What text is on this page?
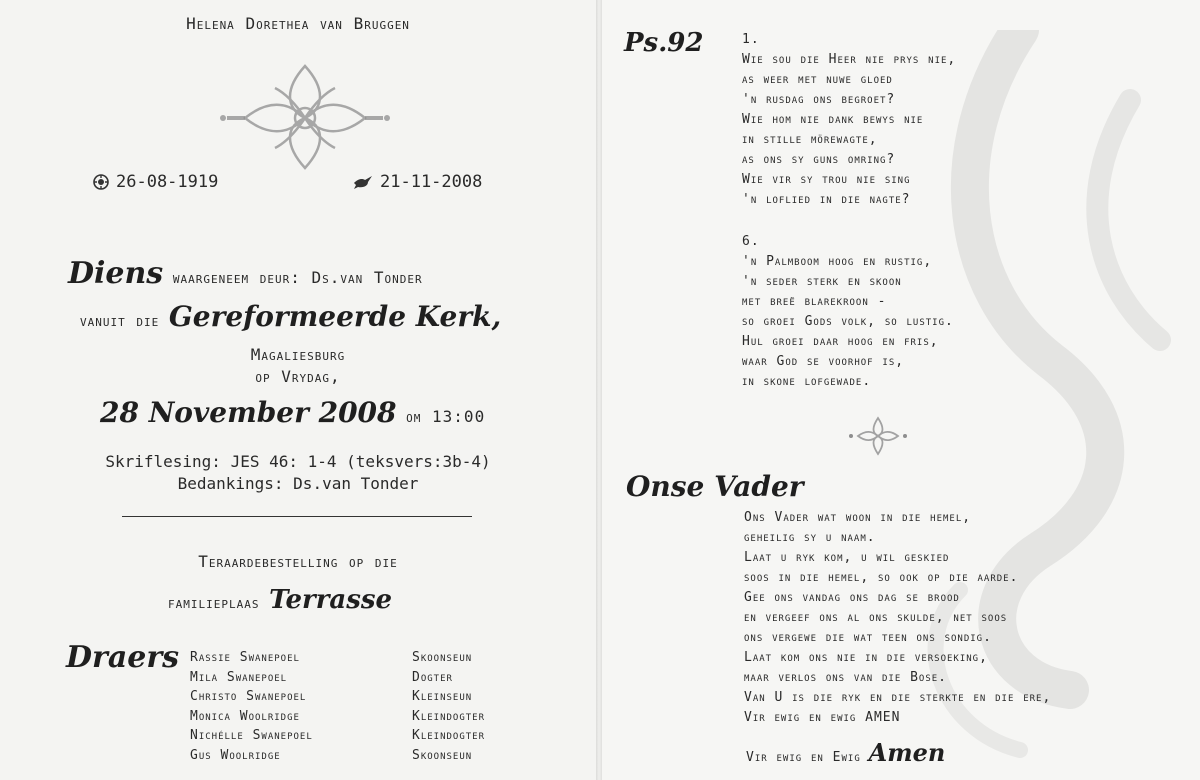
Helena Dorethea van Bruggen
26-08-1919	21-11-2008
Diens waargeneem deur: Ds.van Tonder
vanuit die Gereformeerde Kerk,
Magaliesburg
op Vrydag,
28 November 2008 om 13:00
Skriflesing: JES 46: 1-4 (teksvers:3b-4)
Bedankings: Ds.van Tonder
Teraardebestelling op die
familieplaas Terrasse
Draers Rassie Swanepoel
Mila Swanepoel
Christo Swanepoel
Monica Woolridge
Nichélle Swanepoel
Gus Woolridge
Skoonseun
Dogter
Kleinseun
Kleindogter
Kleindogter
Skoonseun
Ps.92	1.
Wie sou die Heer nie prys nie,
as weer met nuwe gloed
'n rusdag ons begroet?
Wie hom nie dank bewys nie
in stille mörewagte,
as ons sy guns omring?
Wie vir sy trou nie sing
'n loflied in die nagte?
6.
'n Palmboom hoog en rustig,
'n seder sterk en skoon
met breë blarekroon -
so groei Gods volk, so lustig.
Hul groei daar hoog en fris,
waar God se voorhof is,
in skone lofgewade.
Onse Vader
Ons Vader wat woon in die hemel,
geheilig sy u naam.
Laat u ryk kom, u wil geskied
soos in die hemel, so ook op die aarde.
Gee ons vandag ons dag se brood
en vergeef ons al ons skulde, net soos
ons vergewe die wat teen ons sondig.
Laat kom ons nie in die versoeking,
maar verlos ons van die Bose.
Van U is die ryk en die sterkte en die ere,
Vir ewig en ewig AMEN
Vir ewig en Ewig Amen
